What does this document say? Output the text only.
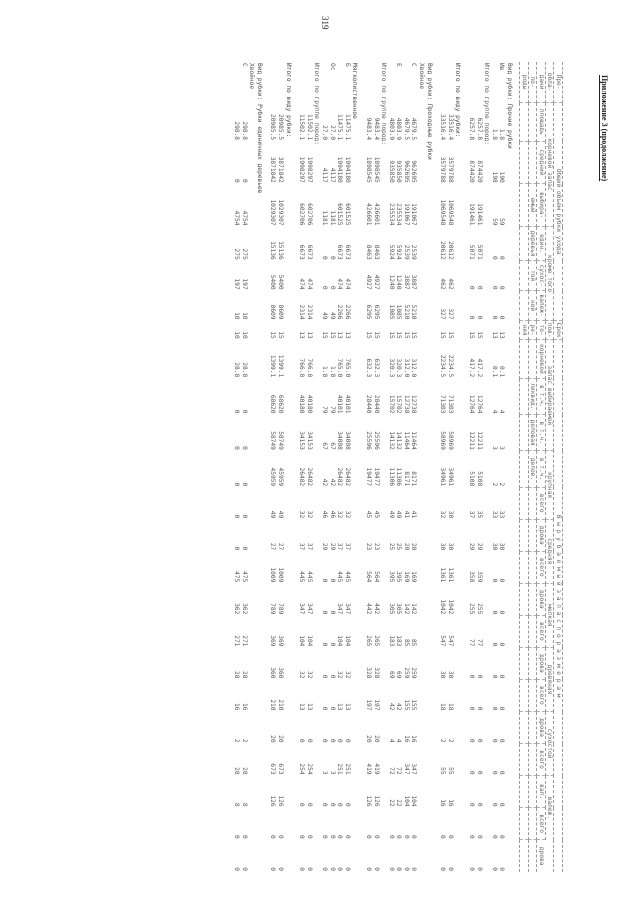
319
Приложение 3 (продолжение)
Пре-	Общий объем рубки ухода						Срок	В ы р у б а е м ы й з а п а с п о р а з м е р а м															
обла-	корневой запас			кроме того			пов-	запас выбираемой			крупная		средняя		мелкая		дровяная		сухостой		валеж.		
дани	площадь	средний	выбира-	един.	сухос-	валеж-	то-	корневой	в т.ч.	в т.ч.	в т.ч.	всего	дрова	всего	дрова	всего	дрова	всего	дрова	всего	вал.	всего	дрова
по-			емый	деревья	той	ной	ре-		ликвид.	деловая	делов.												
роды							ния																

Вид рубки: Прочие рубки																							
Ив	1.8	190	59	0	0	0	13	0.1	4	3	2	33	30	0	0	0	0	0	0	0	0	0	0
	1.8	198	59	0	0	0	13	0.1	4	3	2	33	30	0	0	0	0	0	0	0	0	0	0
Итого по группе пород:																							
	6257.8	874420	191461	5071	0	0	15	417.2	12764	12211	5108	35	29	359	255	77	0	0	0	0	0	0	0
	6257.8	874420	191461	5071	0	0	15	417.2	12764	12211	5108	37	29	358	255	77	0	0	0	0	0	0	0

Итого по виду рубки:																							
	33516.4	3579788	1069548	20612	462	327	15	2234.5	71303	58969	34961	30	30	1361	1042	547	30	18	2	55	16	0	0
	33516.4	3579788	1069548	20612	462	327	15	2234.5	71303	58969	34961	32	30	1361	1042	547	30	18	2	55	16	0	0

Вид рубки: Проходные рубки																							
Хвойное																							
С	4679.5	962695	191067	2539	3887	5210	15	312.0	12738	11464	8171	41	20	169	142	85	259	155	16	347	104	0	0
	4679.5	962695	191067	2539	3887	5210	15	312.0	12738	11464	8171	41	20	169	142	85	259	155	16	347	104	0	0
Е	4803.9	935850	235534	5924	1240	1085	15	320.3	15702	14132	11306	49	25	395	305	183	69	42	4	72	22	0	0
	4803.9	935850	235534	5924	1240	1085	15	320.3	15702	14132	11306	49	25	395	305	183	69	42	4	72	22	0	0
Итого по группе пород:																							
	9483.4	1898545	426601	8463	4927	6295	15	632.3	28440	25596	19477	45	23	564	442	265	328	197	20	419	126	0	0
	9483.4	1898545	426601	8463	4927	6295	15	632.3	28440	25596	19477	45	23	564	442	265	328	197	20	419	126	0	0

Мягколиственное																							
Б	11475.1	1994180	601525	6673	474	2266	13	765.0	40101	34008	26482	32	37	445	347	104	32	13	0	251	0	0	0
	11475.1	1994180	601525	6673	474	2266	13	765.0	40101	34008	26482	32	37	445	347	104	32	13	0	251	0	0	0
Ос	27.0	4117	1181	0	0	49	15	1.8	79	67	42	46	29	0	0	0	0	0	0	3	0	0	0
	27.0	4117	1181	0	0	49	15	1.8	79	67	42	46	29	0	0	0	0	0	0	3	0	0	0
Итого по группе пород:																							
	11502.1	1998297	602706	6673	474	2314	13	766.8	40180	34153	26482	32	37	445	347	104	32	13	0	254	0	0	0
	11502.1	1998297	602706	6673	474	2314	13	766.8	40180	34153	26482	32	37	445	347	104	32	13	0	254	0	0	0

Итого по виду рубки:																							
	20985.5	3871842	1029307	15136	5400	8609	15	1399.1	68620	58749	45959	49	27	1009	789	369	360	210	20	673	126	0	0
	20985.5	3871842	1029307	15136	5400	8609	15	1399.1	68620	58749	45959	49	27	1009	789	369	360	210	20	673	126	0	0

Вид рубки: Рубки единичных деревьев																							
Хвойное																							
С	298.8	0	4754	275	197	10	10	28.8	0	0	0	0	0	475	362	271	28	16	2	20	8	0	0
	298.8	0	4754	275	197	10	10	28.8	0	0	0	0	0	475	362	271	28	16	2	20	8	0	0
